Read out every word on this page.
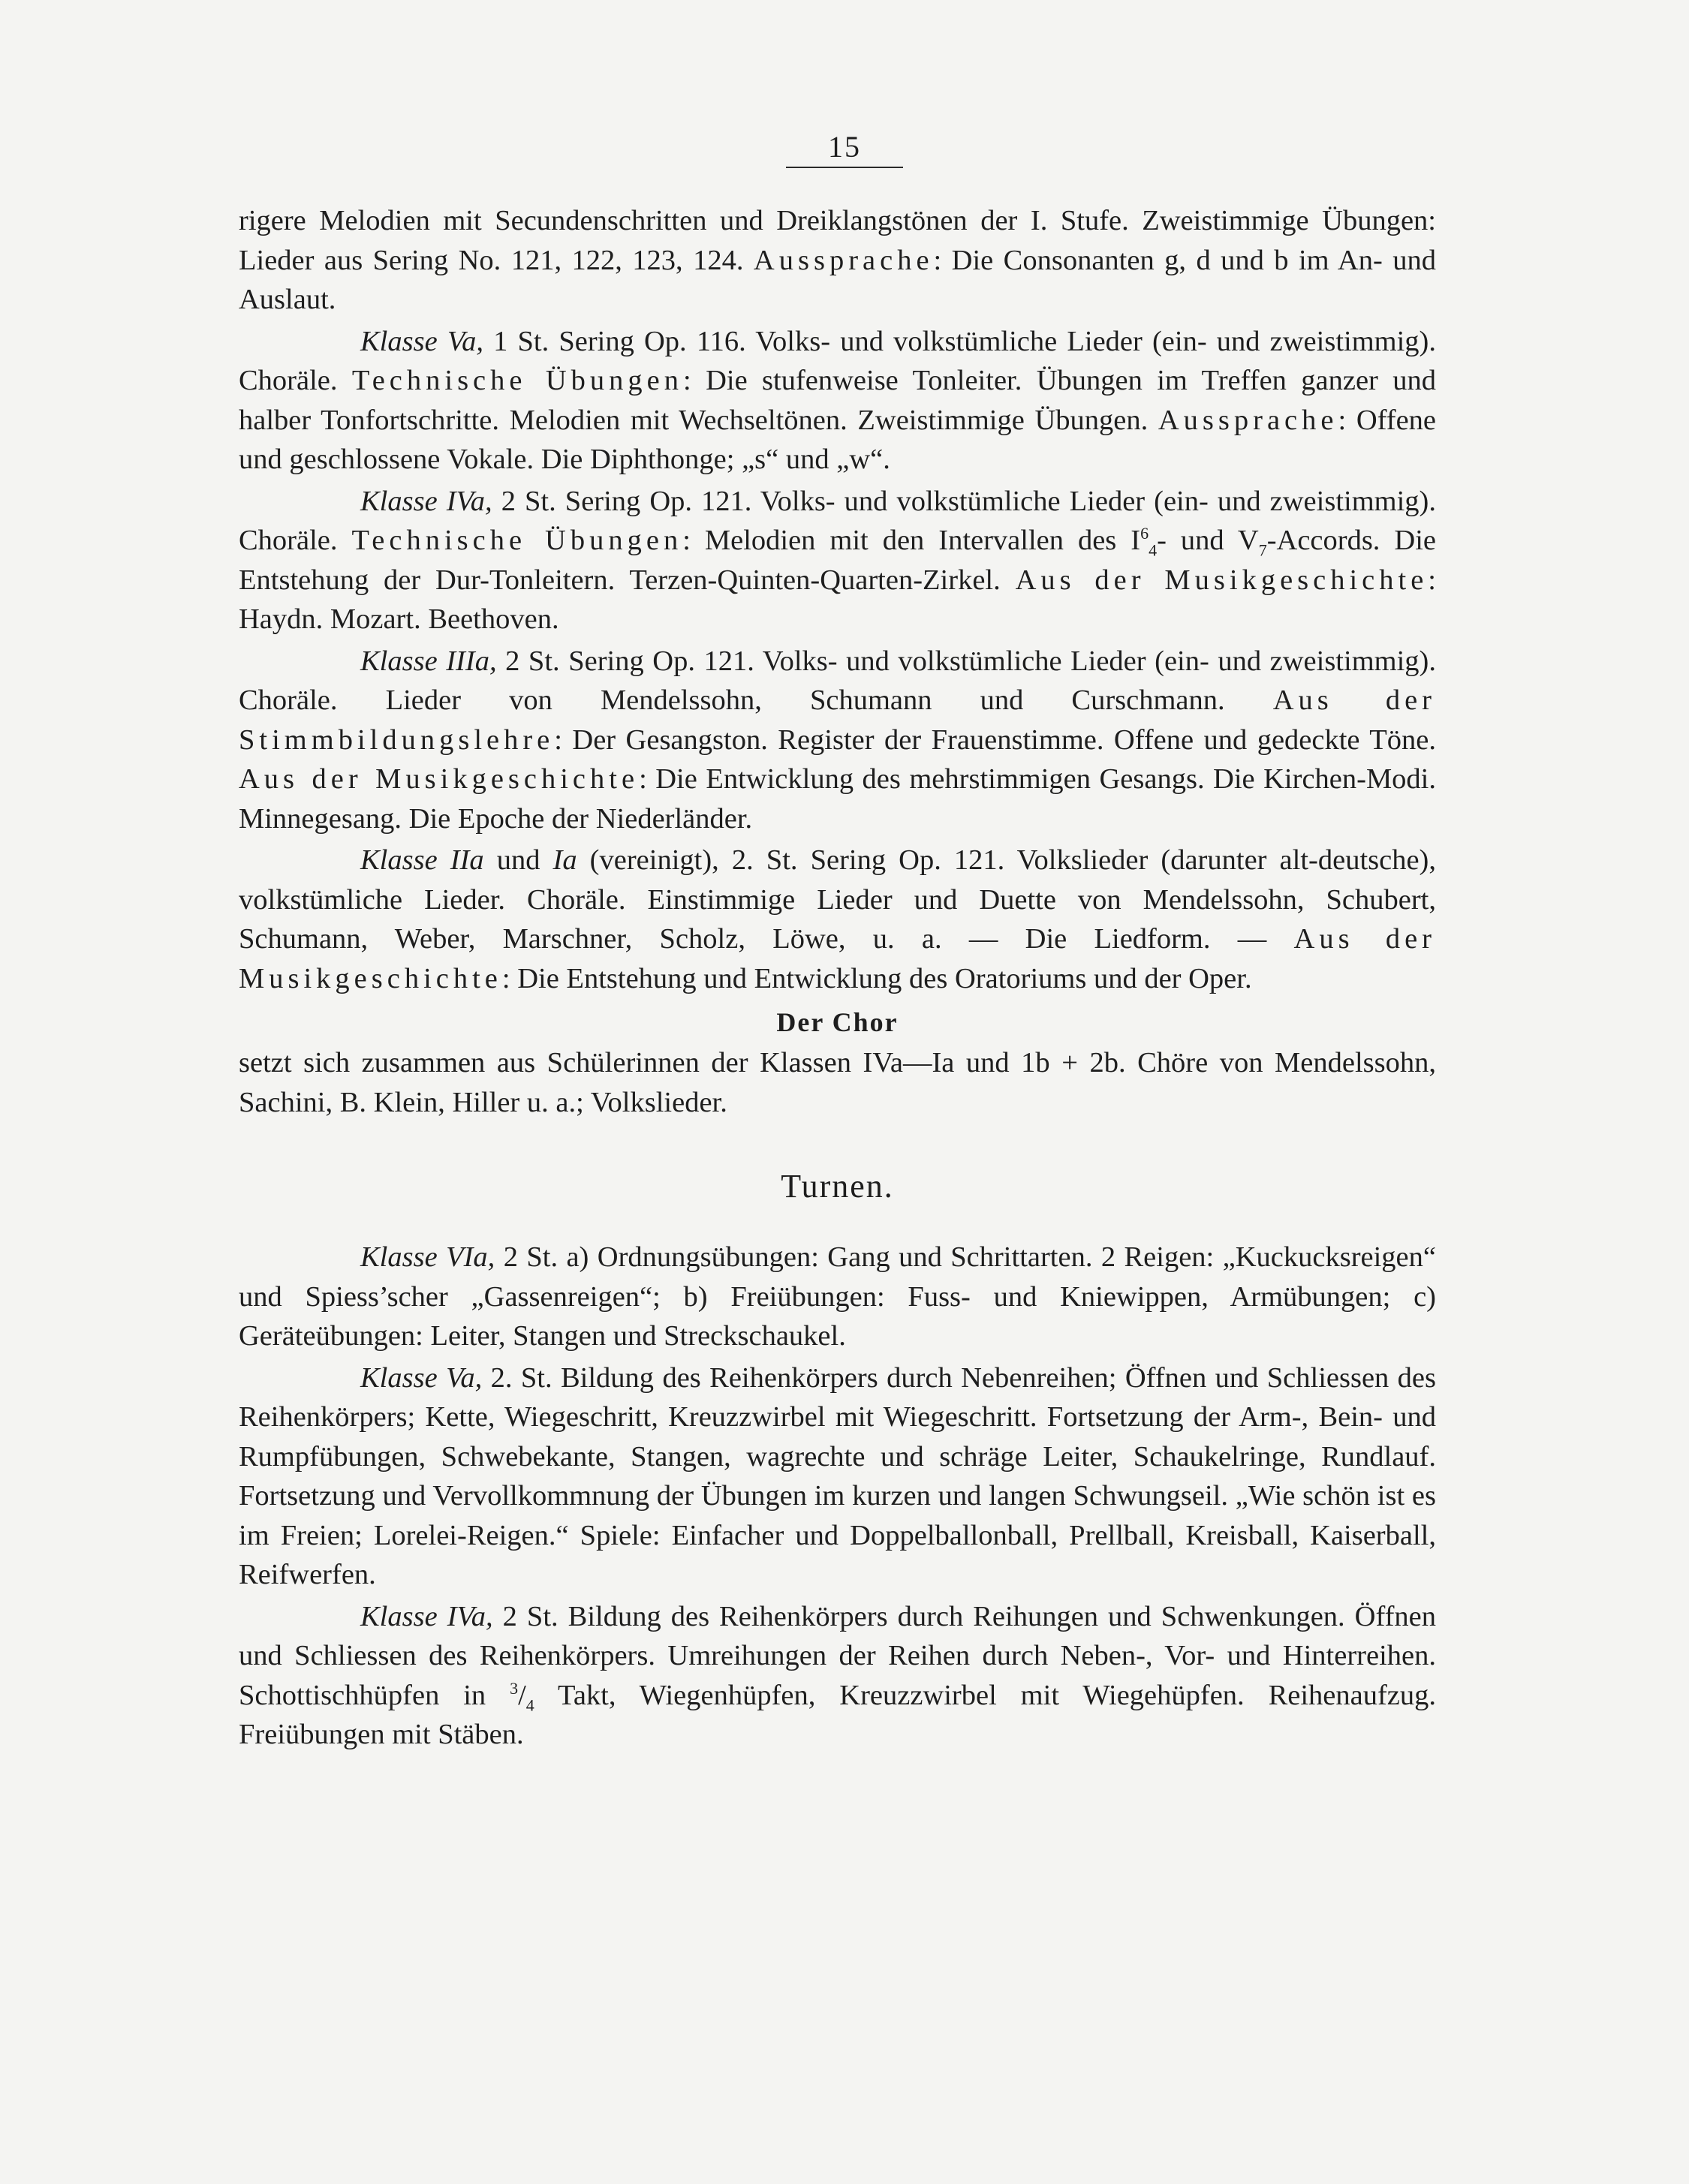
15

rigere Melodien mit Secundenschritten und Dreiklangstönen der I. Stufe. Zweistimmige Übungen: Lieder aus Sering No. 121, 122, 123, 124. Aussprache: Die Consonanten g, d und b im An- und Auslaut.

Klasse Va, 1 St. Sering Op. 116. Volks- und volkstümliche Lieder (ein- und zweistimmig). Choräle. Technische Übungen: Die stufenweise Tonleiter. Übungen im Treffen ganzer und halber Tonfortschritte. Melodien mit Wechseltönen. Zweistimmige Übungen. Aussprache: Offene und geschlossene Vokale. Die Diphthonge; „s“ und „w“.

Klasse IVa, 2 St. Sering Op. 121. Volks- und volkstümliche Lieder (ein- und zweistimmig). Choräle. Technische Übungen: Melodien mit den Intervallen des $I^6_4-$ und $V_7$-Accords. Die Entstehung der Dur-Tonleitern. Terzen-Quinten-Quarten-Zirkel. Aus der Musikgeschichte: Haydn. Mozart. Beethoven.

Klasse IIIa, 2 St. Sering Op. 121. Volks- und volkstümliche Lieder (ein- und zweistimmig). Choräle. Lieder von Mendelssohn, Schumann und Curschmann. Aus der Stimmbildungslehre: Der Gesangston. Register der Frauenstimme. Offene und gedeckte Töne. Aus der Musikgeschichte: Die Entwicklung des mehrstimmigen Gesangs. Die Kirchen-Modi. Minnegesang. Die Epoche der Niederländer.

Klasse IIa und Ia (vereinigt), 2. St. Sering Op. 121. Volkslieder (darunter alt-deutsche), volkstümliche Lieder. Choräle. Einstimmige Lieder und Duette von Mendelssohn, Schubert, Schumann, Weber, Marschner, Scholz, Löwe, u. a. — Die Liedform. — Aus der Musikgeschichte: Die Entstehung und Entwicklung des Oratoriums und der Oper.

Der Chor

setzt sich zusammen aus Schülerinnen der Klassen IVa—Ia und 1b + 2b. Chöre von Mendelssohn, Sachini, B. Klein, Hiller u. a.; Volkslieder.

Turnen.

Klasse VIa, 2 St. a) Ordnungsübungen: Gang und Schrittarten. 2 Reigen: „Kuckucksreigen“ und Spiess’scher „Gassenreigen“; b) Freiübungen: Fuss- und Kniewippen, Armübungen; c) Geräteübungen: Leiter, Stangen und Streckschaukel.

Klasse Va, 2. St. Bildung des Reihenkörpers durch Nebenreihen; Öffnen und Schliessen des Reihenkörpers; Kette, Wiegeschritt, Kreuzzwirbel mit Wiegeschritt. Fortsetzung der Arm-, Bein- und Rumpfübungen, Schwebekante, Stangen, wagrechte und schräge Leiter, Schaukelringe, Rundlauf. Fortsetzung und Vervollkommnung der Übungen im kurzen und langen Schwungseil. „Wie schön ist es im Freien; Lorelei-Reigen.“ Spiele: Einfacher und Doppelballonball, Prellball, Kreisball, Kaiserball, Reifwerfen.

Klasse IVa, 2 St. Bildung des Reihenkörpers durch Reihungen und Schwenkungen. Öffnen und Schliessen des Reihenkörpers. Umreihungen der Reihen durch Neben-, Vor- und Hinterreihen. Schottischhüpfen in $^3/_4$ Takt, Wiegenhüpfen, Kreuzzwirbel mit Wiegehüpfen. Reihenaufzug. Freiübungen mit Stäben.
